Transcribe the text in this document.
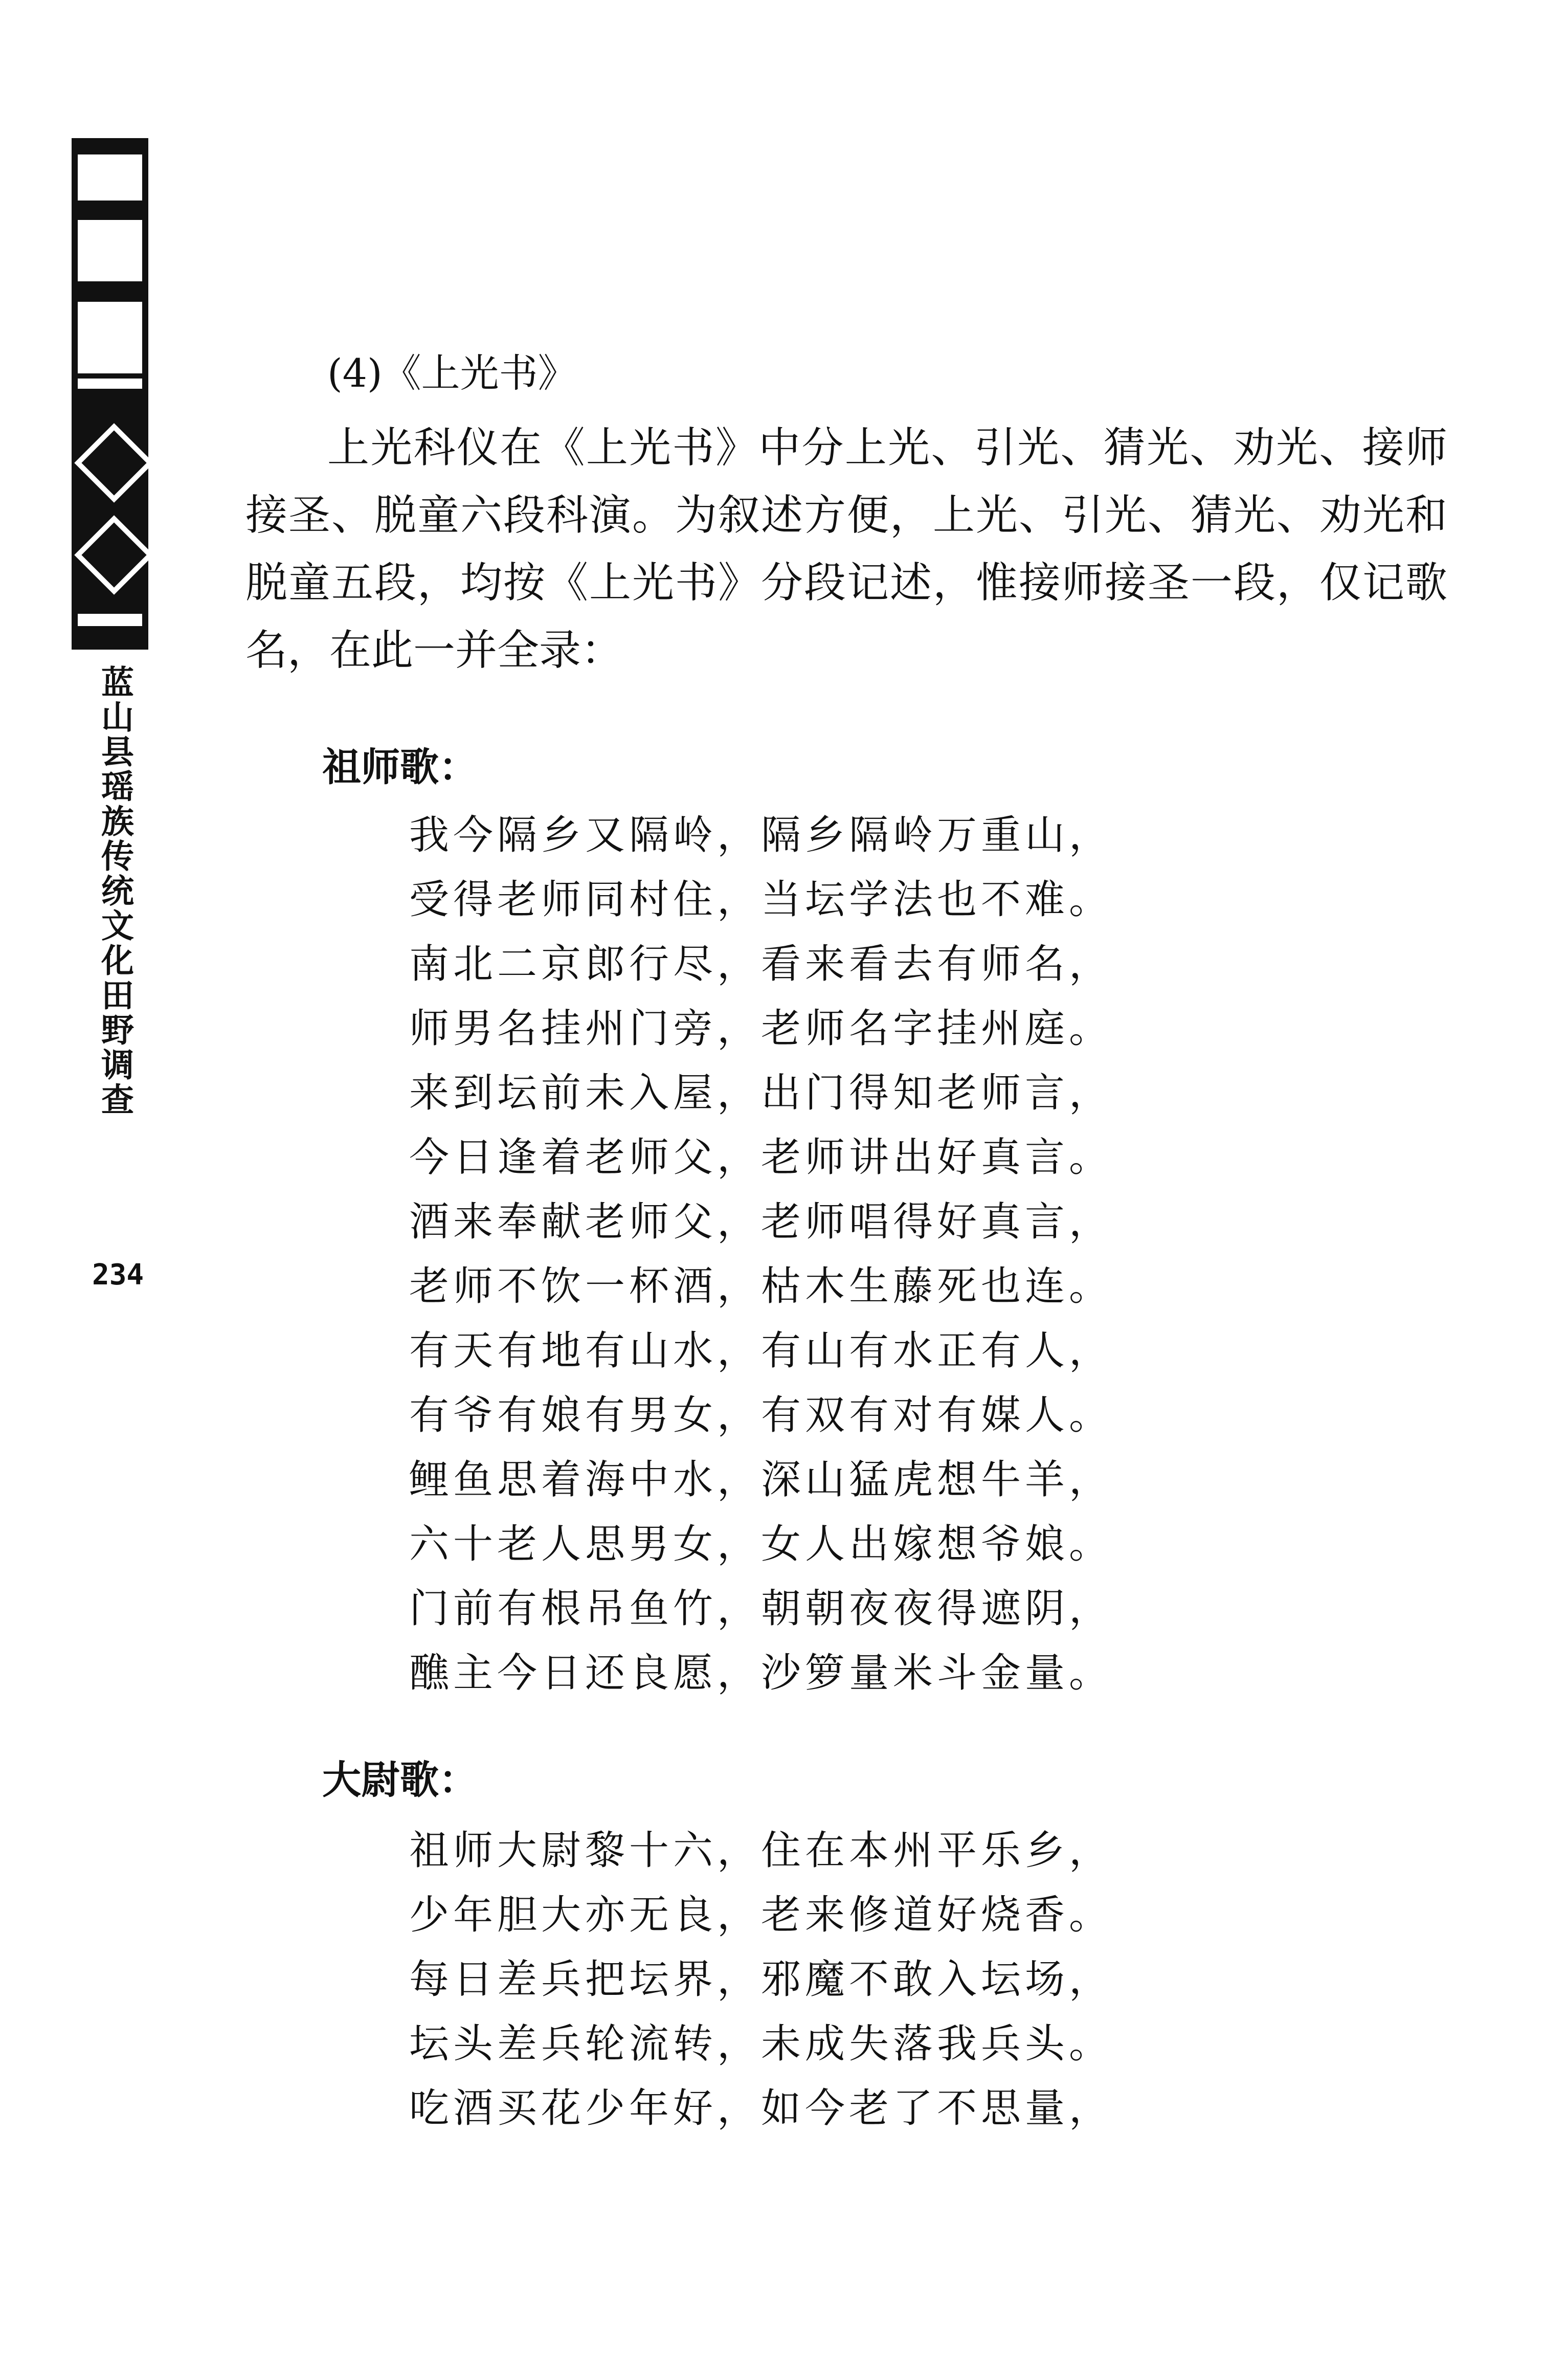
蓝山县瑶族传统文化田野调查
234
(4)《上光书》
上光科仪在《上光书》中分上光、引光、猜光、劝光、接师接圣、脱童六段科演。为叙述方便，上光、引光、猜光、劝光和脱童五段，均按《上光书》分段记述，惟接师接圣一段，仅记歌名，在此一并全录：
祖师歌：
我今隔乡又隔岭，隔乡隔岭万重山，
受得老师同村住，当坛学法也不难。
南北二京郎行尽，看来看去有师名，
师男名挂州门旁，老师名字挂州庭。
来到坛前未入屋，出门得知老师言，
今日逢着老师父，老师讲出好真言。
酒来奉献老师父，老师唱得好真言，
老师不饮一杯酒，枯木生藤死也连。
有天有地有山水，有山有水正有人，
有爷有娘有男女，有双有对有媒人。
鲤鱼思着海中水，深山猛虎想牛羊，
六十老人思男女，女人出嫁想爷娘。
门前有根吊鱼竹，朝朝夜夜得遮阴，
醮主今日还良愿，沙箩量米斗金量。
大尉歌：
祖师大尉黎十六，住在本州平乐乡，
少年胆大亦无良，老来修道好烧香。
每日差兵把坛界，邪魔不敢入坛场，
坛头差兵轮流转，未成失落我兵头。
吃酒买花少年好，如今老了不思量，
